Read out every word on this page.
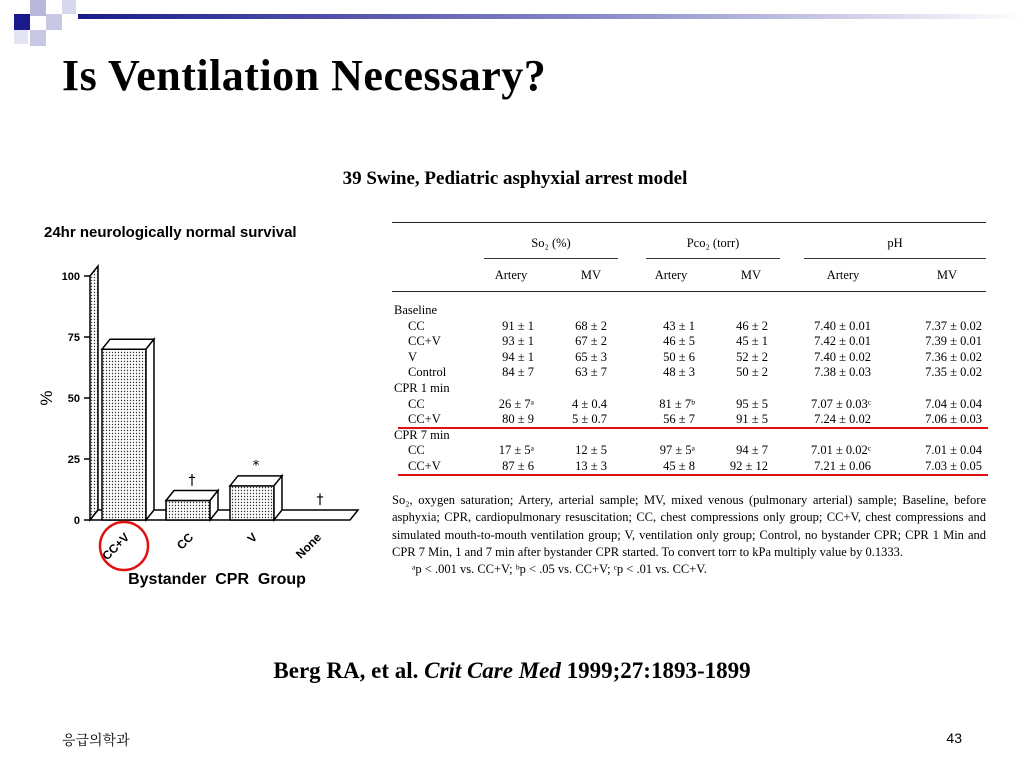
Is Ventilation Necessary?
39 Swine, Pediatric asphyxial arrest model
24hr neurologically normal survival
100
75
50
25
0
†
*
†
CC+V	CC	V	None
%
Bystander  CPR  Group
So₂ (%)	Pco₂ (torr)	pH
Artery	MV	Artery	MV	Artery	MV
Baseline
CC	91 ± 1	68 ± 2	43 ± 1	46 ± 2	7.40 ± 0.01	7.37 ± 0.02
CC+V	93 ± 1	67 ± 2	46 ± 5	45 ± 1	7.42 ± 0.01	7.39 ± 0.01
V	94 ± 1	65 ± 3	50 ± 6	52 ± 2	7.40 ± 0.02	7.36 ± 0.02
Control	84 ± 7	63 ± 7	48 ± 3	50 ± 2	7.38 ± 0.03	7.35 ± 0.02
CPR 1 min
CC	26 ± 7ᵃ	4 ± 0.4	81 ± 7ᵇ	95 ± 5	7.07 ± 0.03ᶜ	7.04 ± 0.04
CC+V	80 ± 9	5 ± 0.7	56 ± 7	91 ± 5	7.24 ± 0.02	7.06 ± 0.03
CPR 7 min
CC	17 ± 5ᵃ	12 ± 5	97 ± 5ᵃ	94 ± 7	7.01 ± 0.02ᶜ	7.01 ± 0.04
CC+V	87 ± 6	13 ± 3	45 ± 8	92 ± 12	7.21 ± 0.06	7.03 ± 0.05

So₂, oxygen saturation; Artery, arterial sample; MV, mixed venous (pulmonary arterial) sample; Baseline, before asphyxia; CPR, cardiopulmonary resuscitation; CC, chest compressions only group; CC+V, chest compressions and simulated mouth-to-mouth ventilation group; V, ventilation only group; Control, no bystander CPR; CPR 1 Min and CPR 7 Min, 1 and 7 min after bystander CPR started. To convert torr to kPa multiply value by 0.1333.

ᵃp < .001 vs. CC+V; ᵇp < .05 vs. CC+V; ᶜp < .01 vs. CC+V.

Berg RA, et al. Crit Care Med 1999;27:1893-1899
응급의학과	43
